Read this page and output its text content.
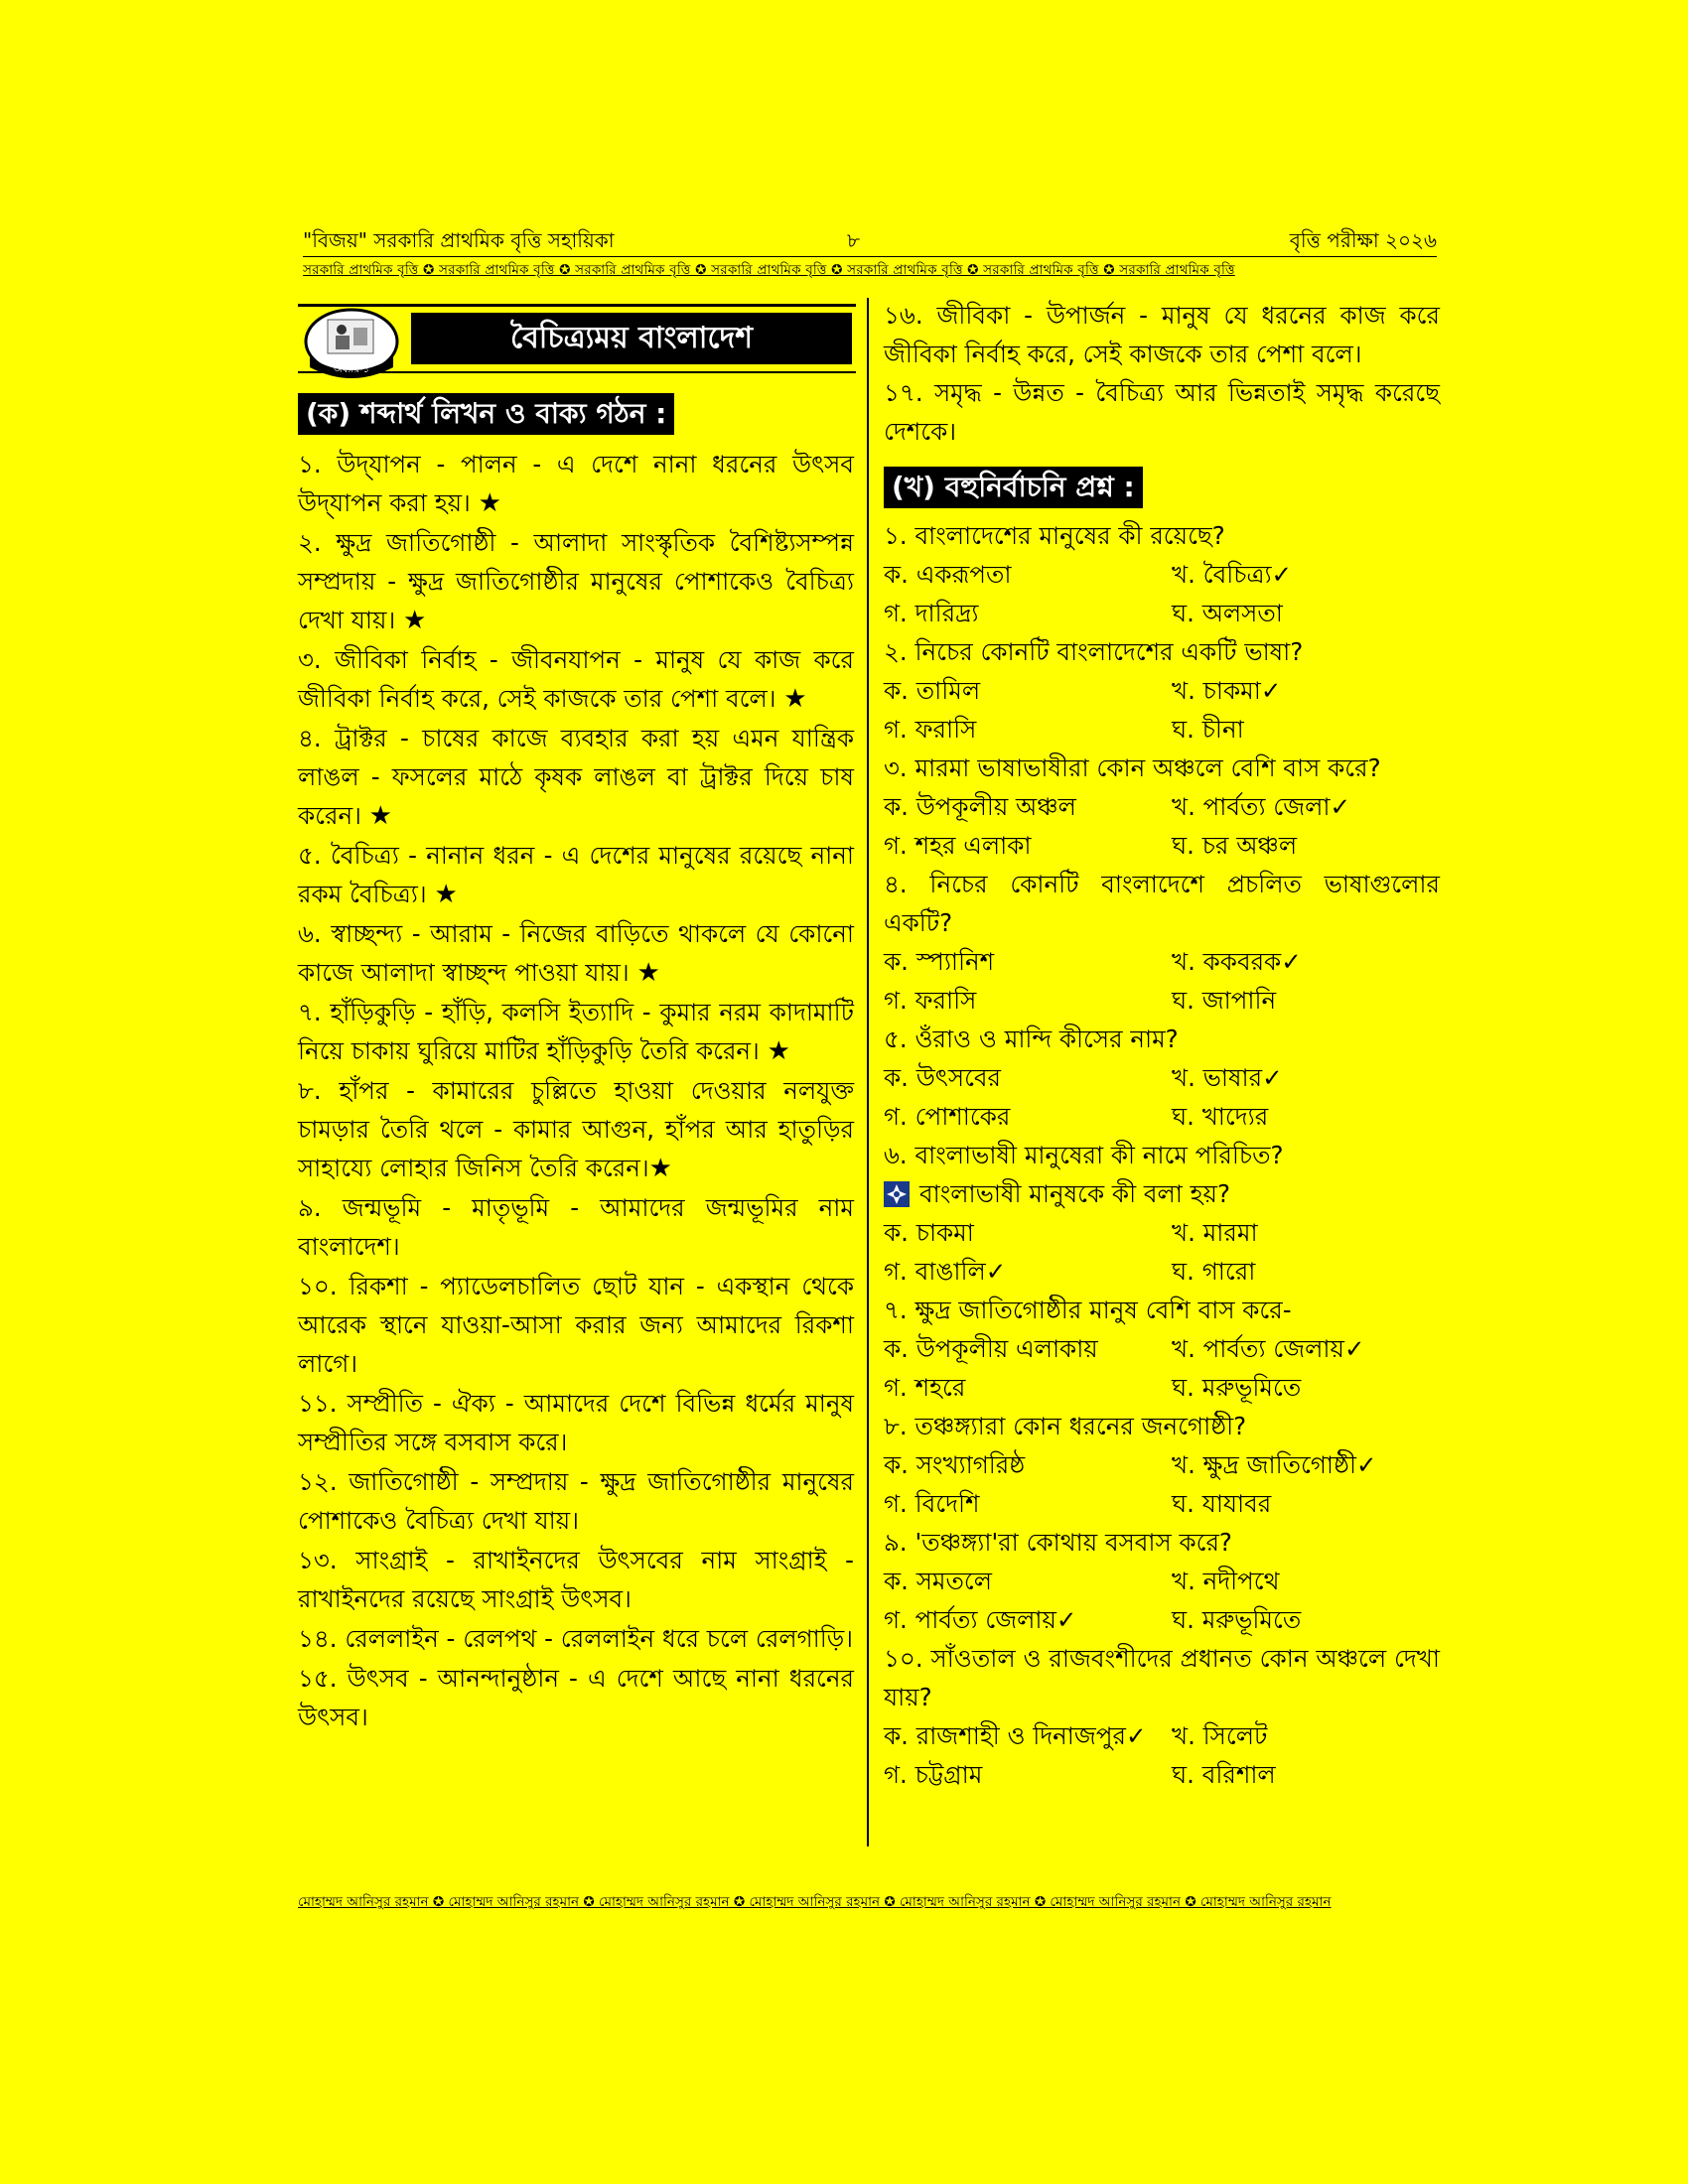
"বিজয়" সরকারি প্রাথমিক বৃত্তি সহায়িকা	৮	বৃত্তি পরীক্ষা ২০২৬
সরকারি প্রাথমিক বৃত্তি ✪ সরকারি প্রাথমিক বৃত্তি ✪ সরকারি প্রাথমিক বৃত্তি ✪ সরকারি প্রাথমিক বৃত্তি ✪ সরকারি প্রাথমিক বৃত্তি ✪ সরকারি প্রাথমিক বৃত্তি ✪ সরকারি প্রাথমিক বৃত্তি
অধ্যায়-১
বৈচিত্র্যময় বাংলাদেশ
(ক) শব্দার্থ লিখন ও বাক্য গঠন :

১. উদ্‌যাপন - পালন - এ দেশে নানা ধরনের উৎসব উদ্‌যাপন করা হয়। ★

২. ক্ষুদ্র জাতিগোষ্ঠী - আলাদা সাংস্কৃতিক বৈশিষ্ট্যসম্পন্ন সম্প্রদায় - ক্ষুদ্র জাতিগোষ্ঠীর মানুষের পোশাকেও বৈচিত্র্য দেখা যায়। ★

৩. জীবিকা নির্বাহ - জীবনযাপন - মানুষ যে কাজ করে জীবিকা নির্বাহ করে, সেই কাজকে তার পেশা বলে। ★

৪. ট্রাক্টর - চাষের কাজে ব্যবহার করা হয় এমন যান্ত্রিক লাঙল - ফসলের মাঠে কৃষক লাঙল বা ট্রাক্টর দিয়ে চাষ করেন। ★

৫. বৈচিত্র্য - নানান ধরন - এ দেশের মানুষের রয়েছে নানা রকম বৈচিত্র্য। ★

৬. স্বাচ্ছন্দ্য - আরাম - নিজের বাড়িতে থাকলে যে কোনো কাজে আলাদা স্বাচ্ছন্দ পাওয়া যায়। ★

৭. হাঁড়িকুড়ি - হাঁড়ি, কলসি ইত্যাদি - কুমার নরম কাদামাটি নিয়ে চাকায় ঘুরিয়ে মাটির হাঁড়িকুড়ি তৈরি করেন। ★

৮. হাঁপর - কামারের চুল্লিতে হাওয়া দেওয়ার নলযুক্ত চামড়ার তৈরি থলে - কামার আগুন, হাঁপর আর হাতুড়ির সাহায্যে লোহার জিনিস তৈরি করেন।★

৯. জন্মভূমি - মাতৃভূমি - আমাদের জন্মভূমির নাম বাংলাদেশ।

১০. রিকশা - প্যাডেলচালিত ছোট যান - একস্থান থেকে আরেক স্থানে যাওয়া-আসা করার জন্য আমাদের রিকশা লাগে।

১১. সম্প্রীতি - ঐক্য - আমাদের দেশে বিভিন্ন ধর্মের মানুষ সম্প্রীতির সঙ্গে বসবাস করে।

১২. জাতিগোষ্ঠী - সম্প্রদায় - ক্ষুদ্র জাতিগোষ্ঠীর মানুষের পোশাকেও বৈচিত্র্য দেখা যায়।

১৩. সাংগ্রাই - রাখাইনদের উৎসবের নাম সাংগ্রাই - রাখাইনদের রয়েছে সাংগ্রাই উৎসব।

১৪. রেললাইন - রেলপথ - রেললাইন ধরে চলে রেলগাড়ি।

১৫. উৎসব - আনন্দানুষ্ঠান - এ দেশে আছে নানা ধরনের উৎসব।

১৬. জীবিকা - উপার্জন - মানুষ যে ধরনের কাজ করে জীবিকা নির্বাহ করে, সেই কাজকে তার পেশা বলে।

১৭. সমৃদ্ধ - উন্নত - বৈচিত্র্য আর ভিন্নতাই সমৃদ্ধ করেছে দেশকে।

(খ) বহুনির্বাচনি প্রশ্ন :

১. বাংলাদেশের মানুষের কী রয়েছে?

ক. একরূপতা	খ. বৈচিত্র্য✓
গ. দারিদ্র্য	ঘ. অলসতা

২. নিচের কোনটি বাংলাদেশের একটি ভাষা?

ক. তামিল	খ. চাকমা✓
গ. ফরাসি	ঘ. চীনা

৩. মারমা ভাষাভাষীরা কোন অঞ্চলে বেশি বাস করে?

ক. উপকূলীয় অঞ্চল	খ. পার্বত্য জেলা✓
গ. শহর এলাকা	ঘ. চর অঞ্চল

৪. নিচের কোনটি বাংলাদেশে প্রচলিত ভাষাগুলোর একটি?

ক. স্প্যানিশ	খ. ককবরক✓
গ. ফরাসি	ঘ. জাপানি

৫. ওঁরাও ও মান্দি কীসের নাম?

ক. উৎসবের	খ. ভাষার✓
গ. পোশাকের	ঘ. খাদ্যের

৬. বাংলাভাষী মানুষেরা কী নামে পরিচিত?

বাংলাভাষী মানুষকে কী বলা হয়?
ক. চাকমা	খ. মারমা
গ. বাঙালি✓	ঘ. গারো

৭. ক্ষুদ্র জাতিগোষ্ঠীর মানুষ বেশি বাস করে-

ক. উপকূলীয় এলাকায়	খ. পার্বত্য জেলায়✓
গ. শহরে	ঘ. মরুভূমিতে

৮. তঞ্চঙ্গ্যারা কোন ধরনের জনগোষ্ঠী?

ক. সংখ্যাগরিষ্ঠ	খ. ক্ষুদ্র জাতিগোষ্ঠী✓
গ. বিদেশি	ঘ. যাযাবর

৯. 'তঞ্চঙ্গ্যা'রা কোথায় বসবাস করে?

ক. সমতলে	খ. নদীপথে
গ. পার্বত্য জেলায়✓	ঘ. মরুভূমিতে

১০. সাঁওতাল ও রাজবংশীদের প্রধানত কোন অঞ্চলে দেখা যায়?

ক. রাজশাহী ও দিনাজপুর✓	খ. সিলেট
গ. চট্টগ্রাম	ঘ. বরিশাল
মোহাম্মদ আনিসুর রহমান ✪ মোহাম্মদ আনিসুর রহমান ✪ মোহাম্মদ আনিসুর রহমান ✪ মোহাম্মদ আনিসুর রহমান ✪ মোহাম্মদ আনিসুর রহমান ✪ মোহাম্মদ আনিসুর রহমান ✪ মোহাম্মদ আনিসুর রহমান
